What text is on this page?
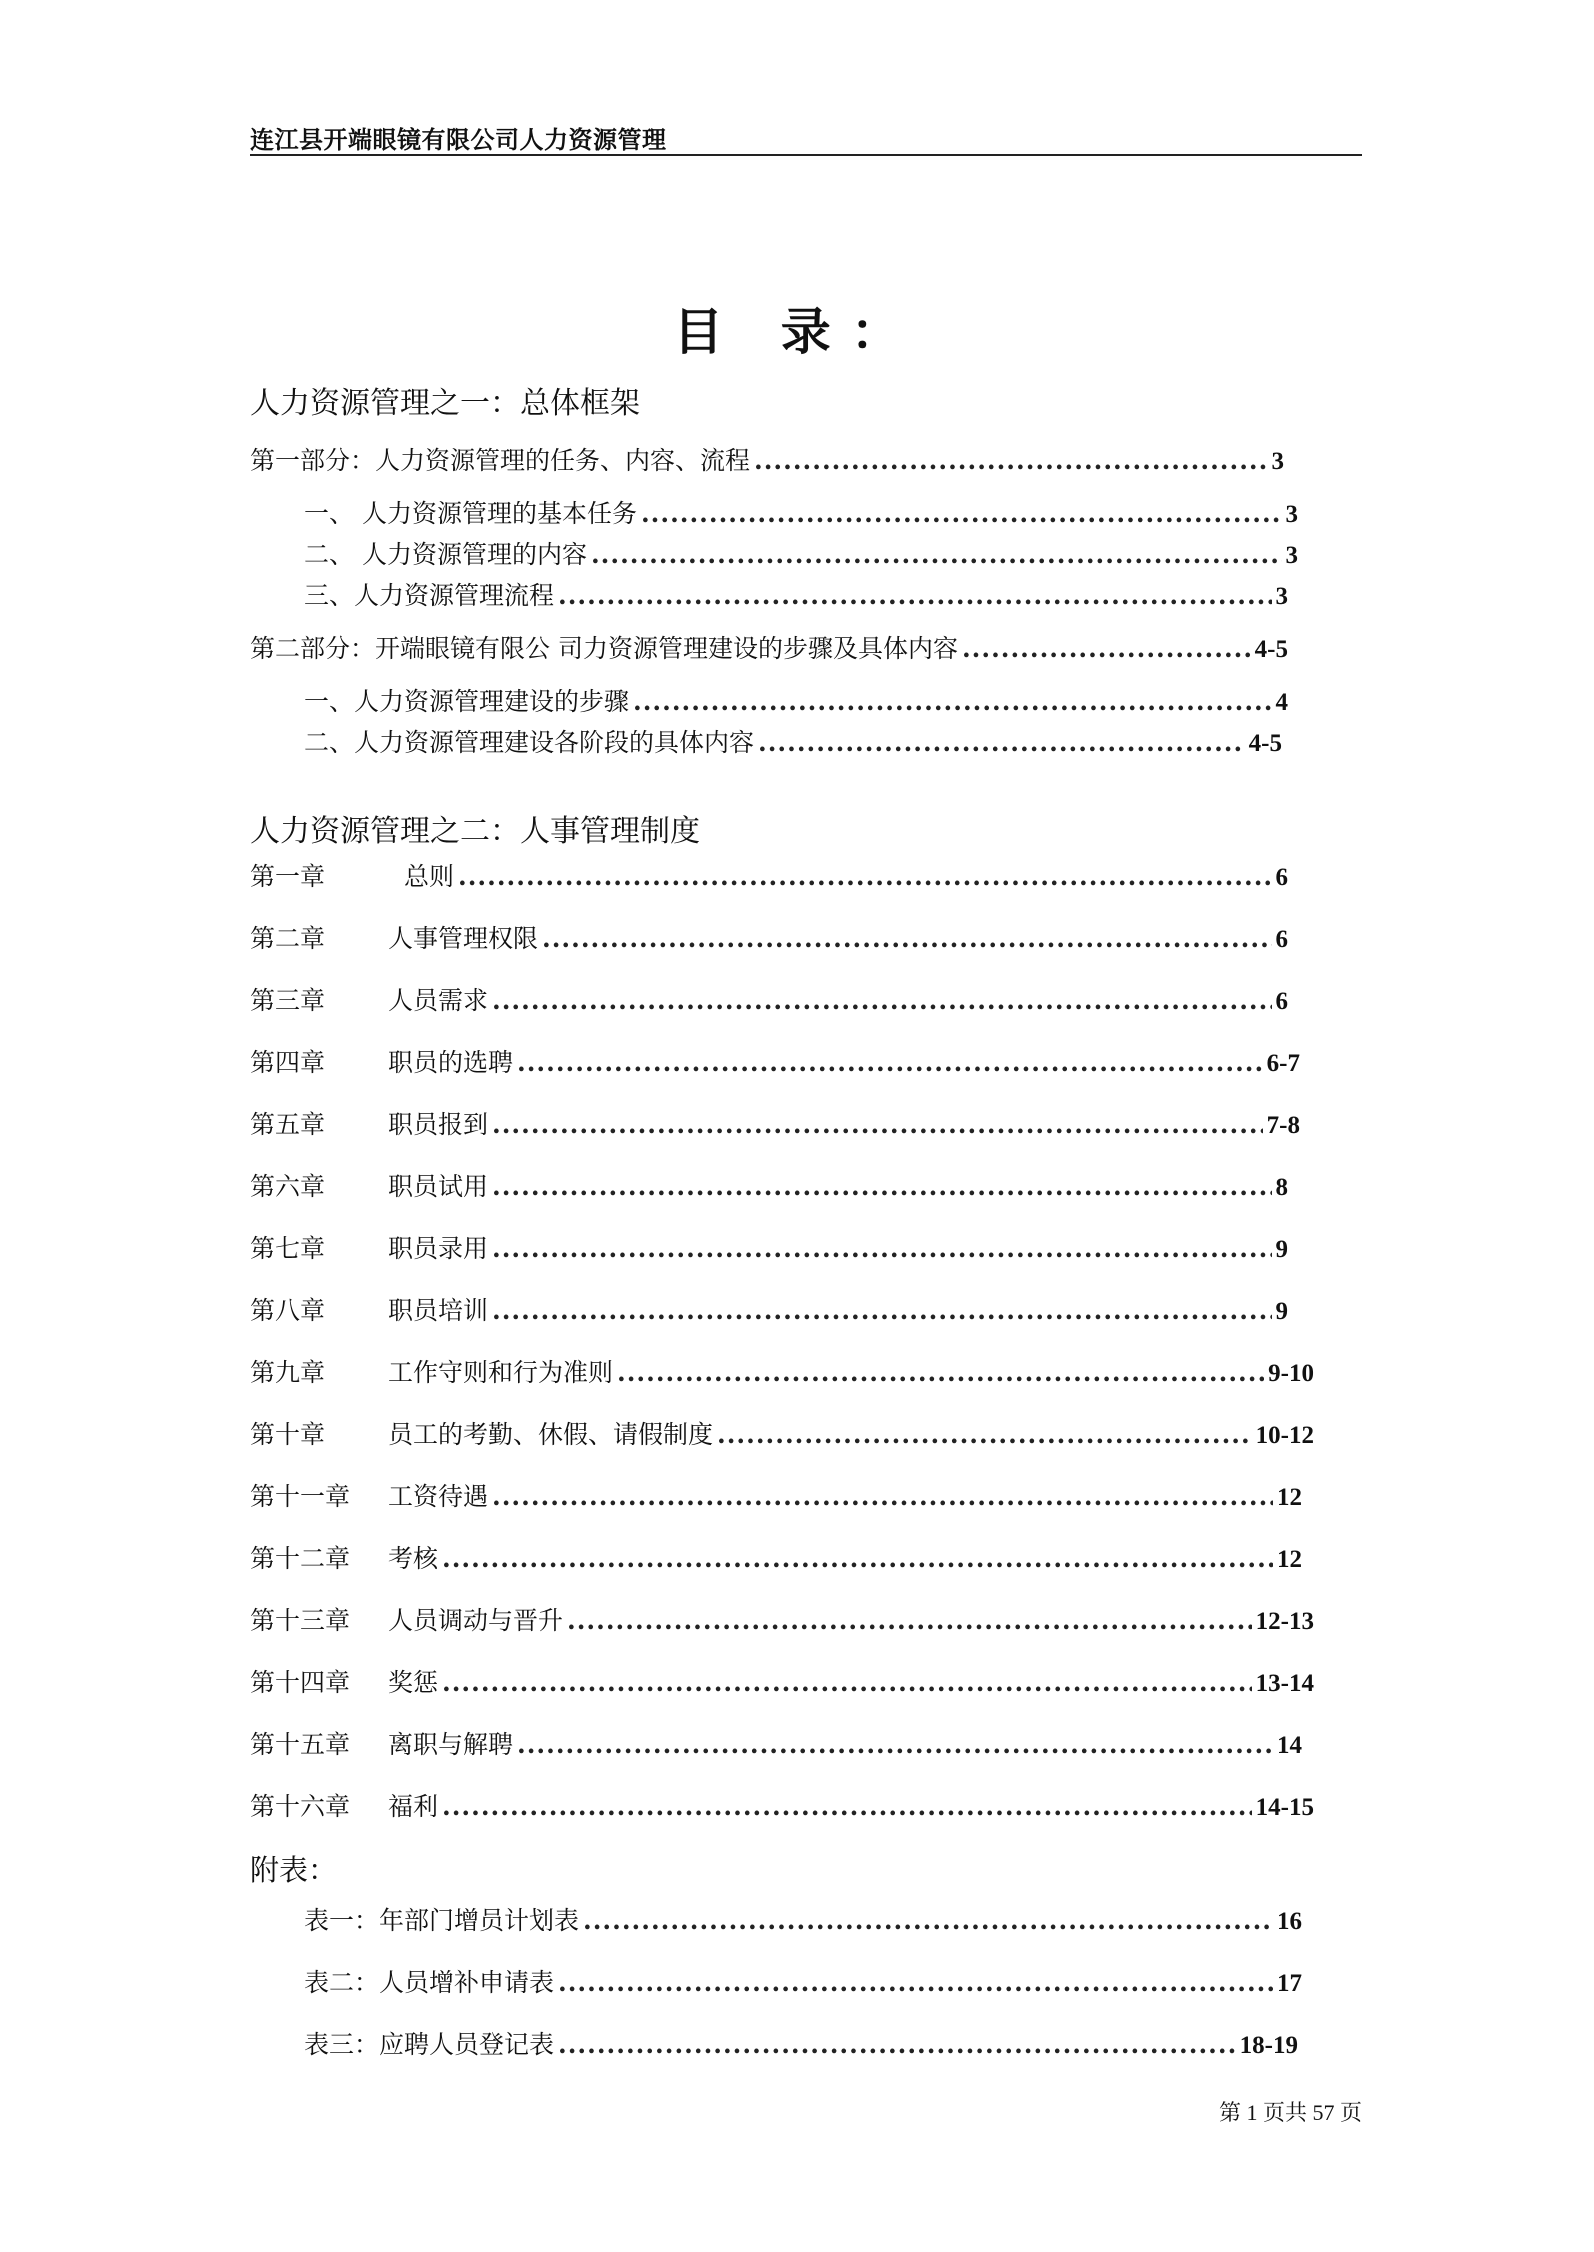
连江县开端眼镜有限公司人力资源管理
目 录：
人力资源管理之一：总体框架
第一部分：人力资源管理的任务、内容、流程 .....	3
一、 人力资源管理的基本任务 .....	3
二、 人力资源管理的内容 .....	3
三、人力资源管理流程 .....	3
第二部分：开端眼镜有限公 司力资源管理建设的步骤及具体内容 .....	4-5
一、人力资源管理建设的步骤 .....	4
二、人力资源管理建设各阶段的具体内容 .....	4-5
人力资源管理之二：人事管理制度
第一章	总则 .....	6
第二章	人事管理权限 .....	6
第三章	人员需求 .....	6
第四章	职员的选聘 .....	6-7
第五章	职员报到 .....	7-8
第六章	职员试用 .....	8
第七章	职员录用 .....	9
第八章	职员培训 .....	9
第九章	工作守则和行为准则 .....	9-10
第十章	员工的考勤、休假、请假制度 .....	10-12
第十一章 工资待遇 .....	12
第十二章 考核 .....	12
第十三章 人员调动与晋升 .....	12-13
第十四章 奖惩 .....	13-14
第十五章 离职与解聘 .....	14
第十六章 福利 .....	14-15
附表：
表一：年部门增员计划表 .....	16
表二：人员增补申请表 .....	17
表三：应聘人员登记表 .....	18-19
第 1 页共 57 页
